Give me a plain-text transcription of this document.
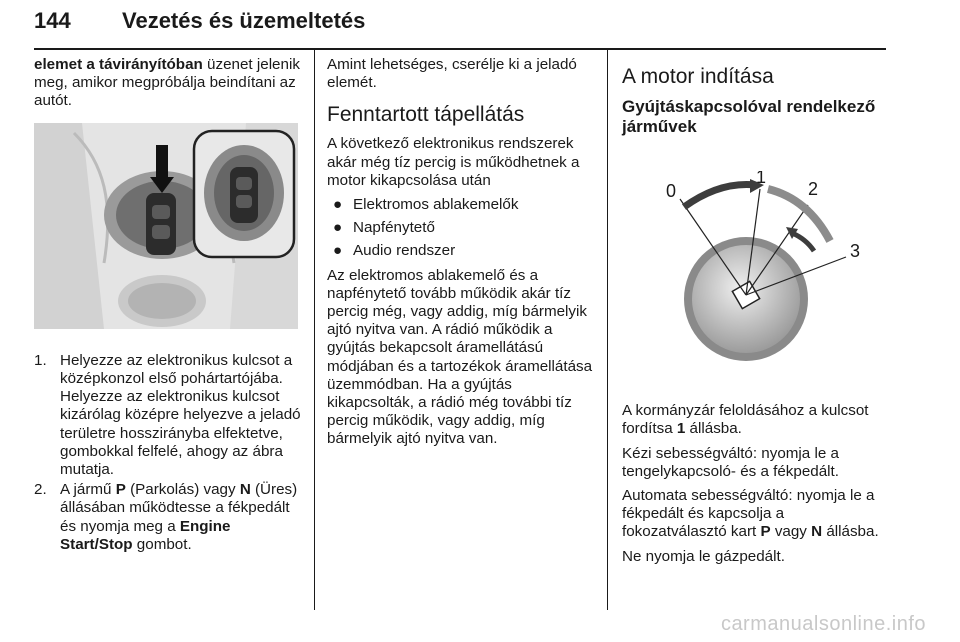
144 Vezetés és üzemeltetés

elemet a távirányítóban üzenet jelenik meg, amikor megpróbálja beindítani az autót.

1. Helyezze az elektronikus kulcsot a középkonzol első pohártartójába. Helyezze az elektronikus kulcsot kizárólag középre helyezve a jeladó területre hosszirányba elfektetve, gombokkal felfelé, ahogy az ábra mutatja.
2. A jármű P (Parkolás) vagy N (Üres) állásában működtesse a fékpedált és nyomja meg a Engine Start/Stop gombot.

Amint lehetséges, cserélje ki a jeladó elemét.

Fenntartott tápellátás

A következő elektronikus rendszerek akár még tíz percig is működhetnek a motor kikapcsolása után

● Elektromos ablakemelők
● Napfénytető
● Audio rendszer

Az elektromos ablakemelő és a napfénytető tovább működik akár tíz percig még, vagy addig, míg bármelyik ajtó nyitva van. A rádió működik a gyújtás bekapcsolt áramellátású módjában és a tartozékok áramellátása üzemmódban. Ha a gyújtás kikapcsolták, a rádió még további tíz percig működik, vagy addig, míg bármelyik ajtó nyitva van.

A motor indítása
Gyújtáskapcsolóval rendelkező járművek
0
1
2
3

A kormányzár feloldásához a kulcsot fordítsa 1 állásba.

Kézi sebességváltó: nyomja le a tengelykapcsoló- és a fékpedált.

Automata sebességváltó: nyomja le a fékpedált és kapcsolja a fokozatválasztó kart P vagy N állásba.

Ne nyomja le gázpedált.

carmanualsonline.info
